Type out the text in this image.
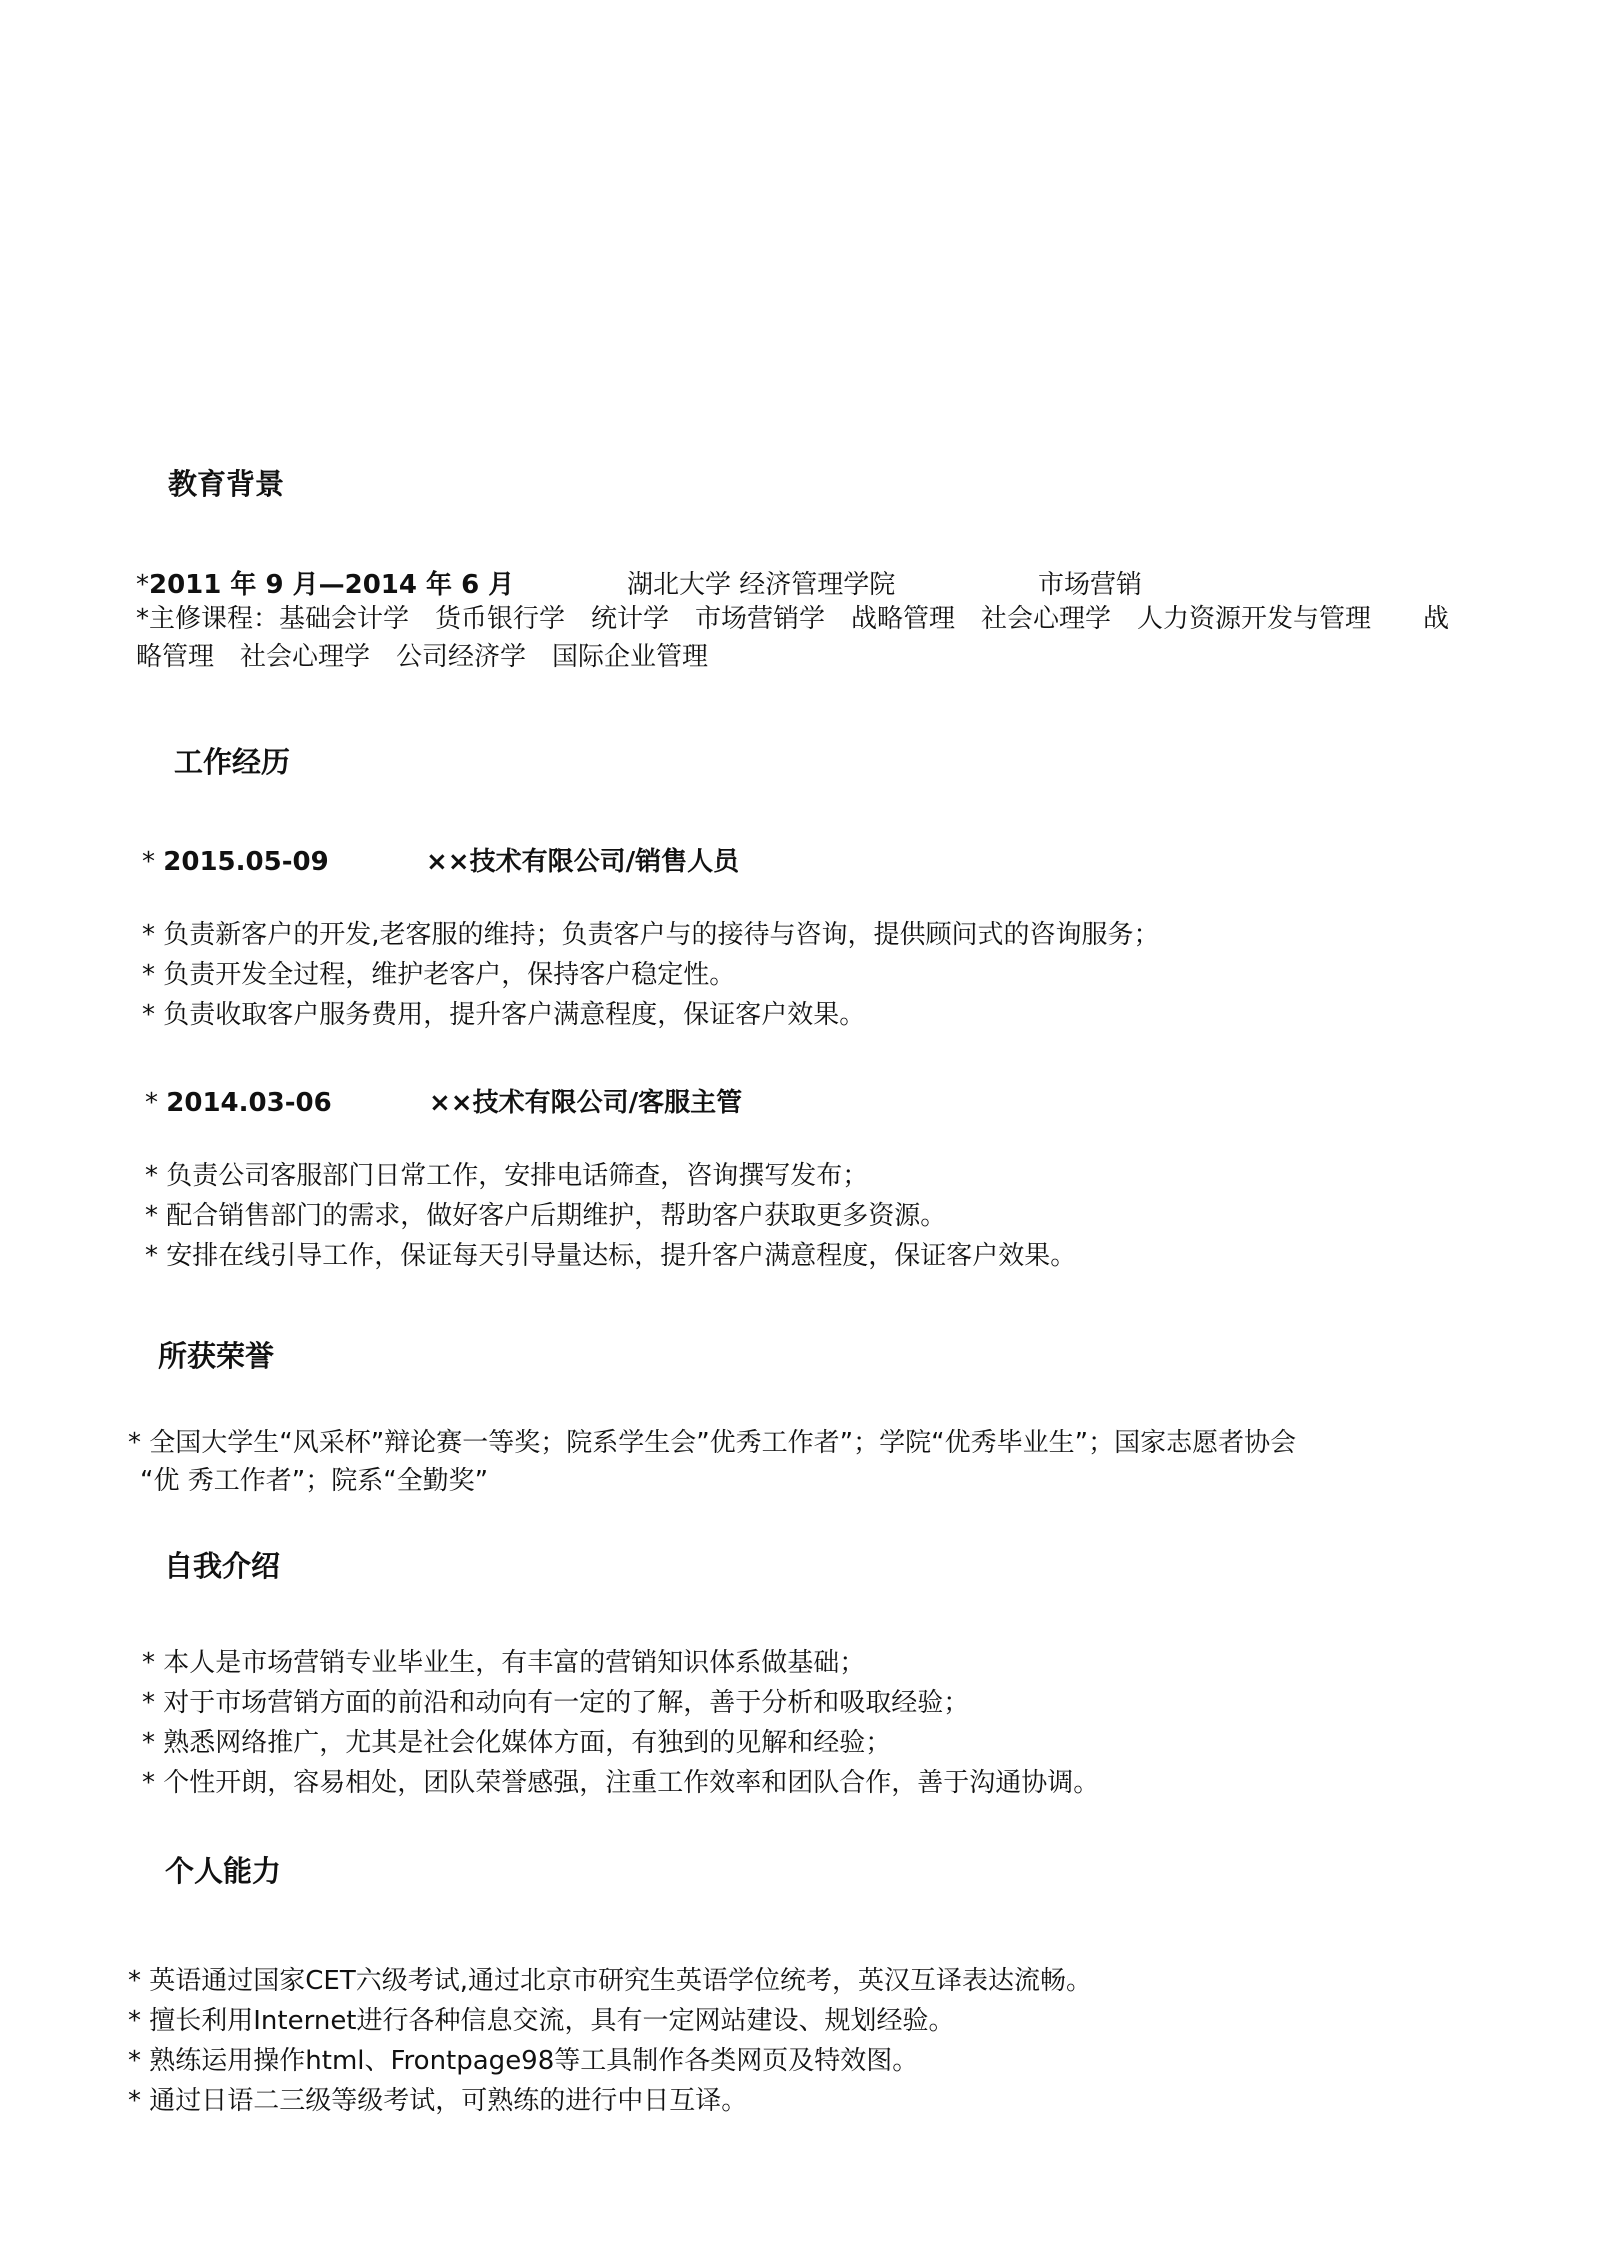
教育背景
*2011 年 9 月—2014 年 6 月	湖北大学 经济管理学院	市场营销
*主修课程：基础会计学　货币银行学　统计学　市场营销学　战略管理　社会心理学　人力资源开发与管理　　战
略管理　社会心理学　公司经济学　国际企业管理
工作经历
* 2015.05-09	××技术有限公司/销售人员
* 负责新客户的开发,老客服的维持；负责客户与的接待与咨询，提供顾问式的咨询服务；
* 负责开发全过程，维护老客户，保持客户稳定性。
* 负责收取客户服务费用，提升客户满意程度，保证客户效果。
* 2014.03-06	××技术有限公司/客服主管
* 负责公司客服部门日常工作，安排电话筛查，咨询撰写发布；
* 配合销售部门的需求，做好客户后期维护，帮助客户获取更多资源。
* 安排在线引导工作，保证每天引导量达标，提升客户满意程度，保证客户效果。
所获荣誉
* 全国大学生“风采杯”辩论赛一等奖；院系学生会”优秀工作者”；学院“优秀毕业生”；国家志愿者协会
“优 秀工作者”；院系“全勤奖”
自我介绍
* 本人是市场营销专业毕业生，有丰富的营销知识体系做基础；
* 对于市场营销方面的前沿和动向有一定的了解，善于分析和吸取经验；
* 熟悉网络推广，尤其是社会化媒体方面，有独到的见解和经验；
* 个性开朗，容易相处，团队荣誉感强，注重工作效率和团队合作，善于沟通协调。
个人能力
* 英语通过国家CET六级考试,通过北京市研究生英语学位统考，英汉互译表达流畅。
* 擅长利用Internet进行各种信息交流，具有一定网站建设、规划经验。
* 熟练运用操作html、Frontpage98等工具制作各类网页及特效图。
* 通过日语二三级等级考试，可熟练的进行中日互译。
